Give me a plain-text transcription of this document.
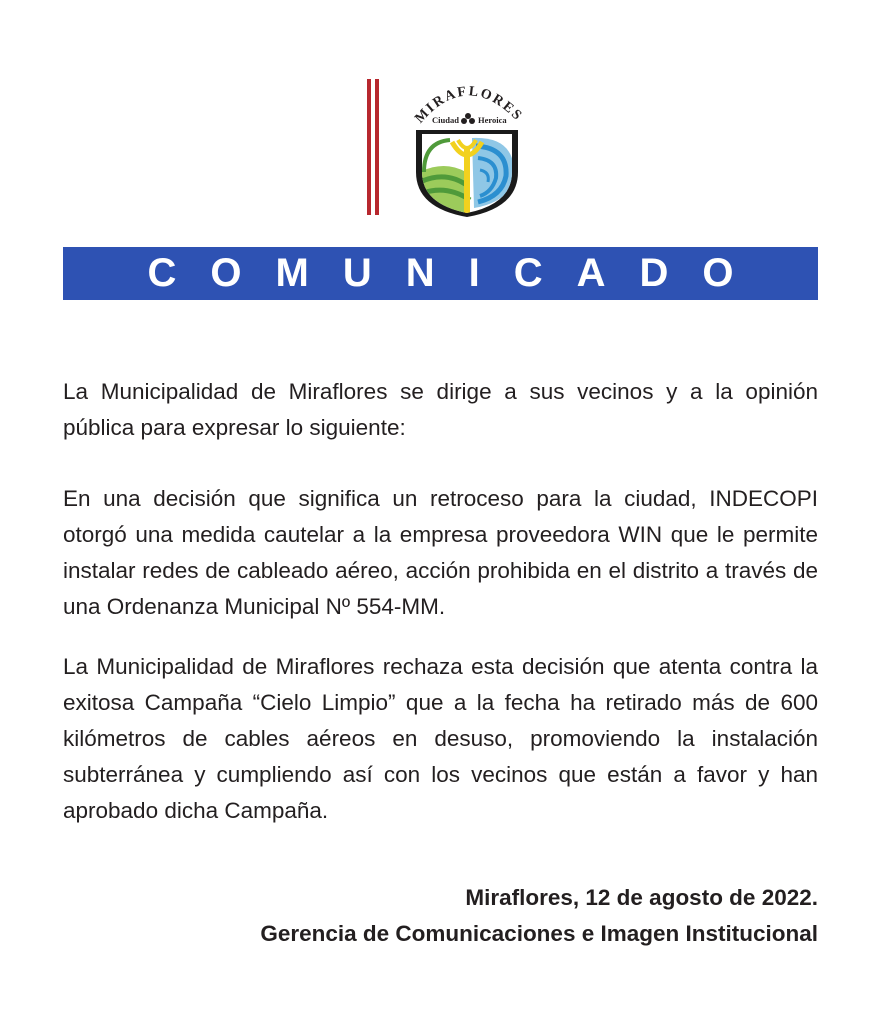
MIRAFLORES
Ciudad Heroica
COMUNICADO

La Municipalidad de Miraflores se dirige a sus vecinos y a la opinión pública para expresar lo siguiente:

En una decisión que significa un retroceso para la ciudad, INDECOPI otorgó una medida cautelar a la empresa proveedora WIN que le permite instalar redes de cableado aéreo, acción prohibida en el distrito a través de una Ordenanza Municipal Nº 554-MM.

La Municipalidad de Miraflores rechaza esta decisión que atenta contra la exitosa Campaña “Cielo Limpio” que a la fecha ha retirado más de 600 kilómetros de cables aéreos en desuso, promoviendo la instalación subterránea y cumpliendo así con los vecinos que están a favor y han aprobado dicha Campaña.

Miraflores, 12 de agosto de 2022.
Gerencia de Comunicaciones e Imagen Institucional
